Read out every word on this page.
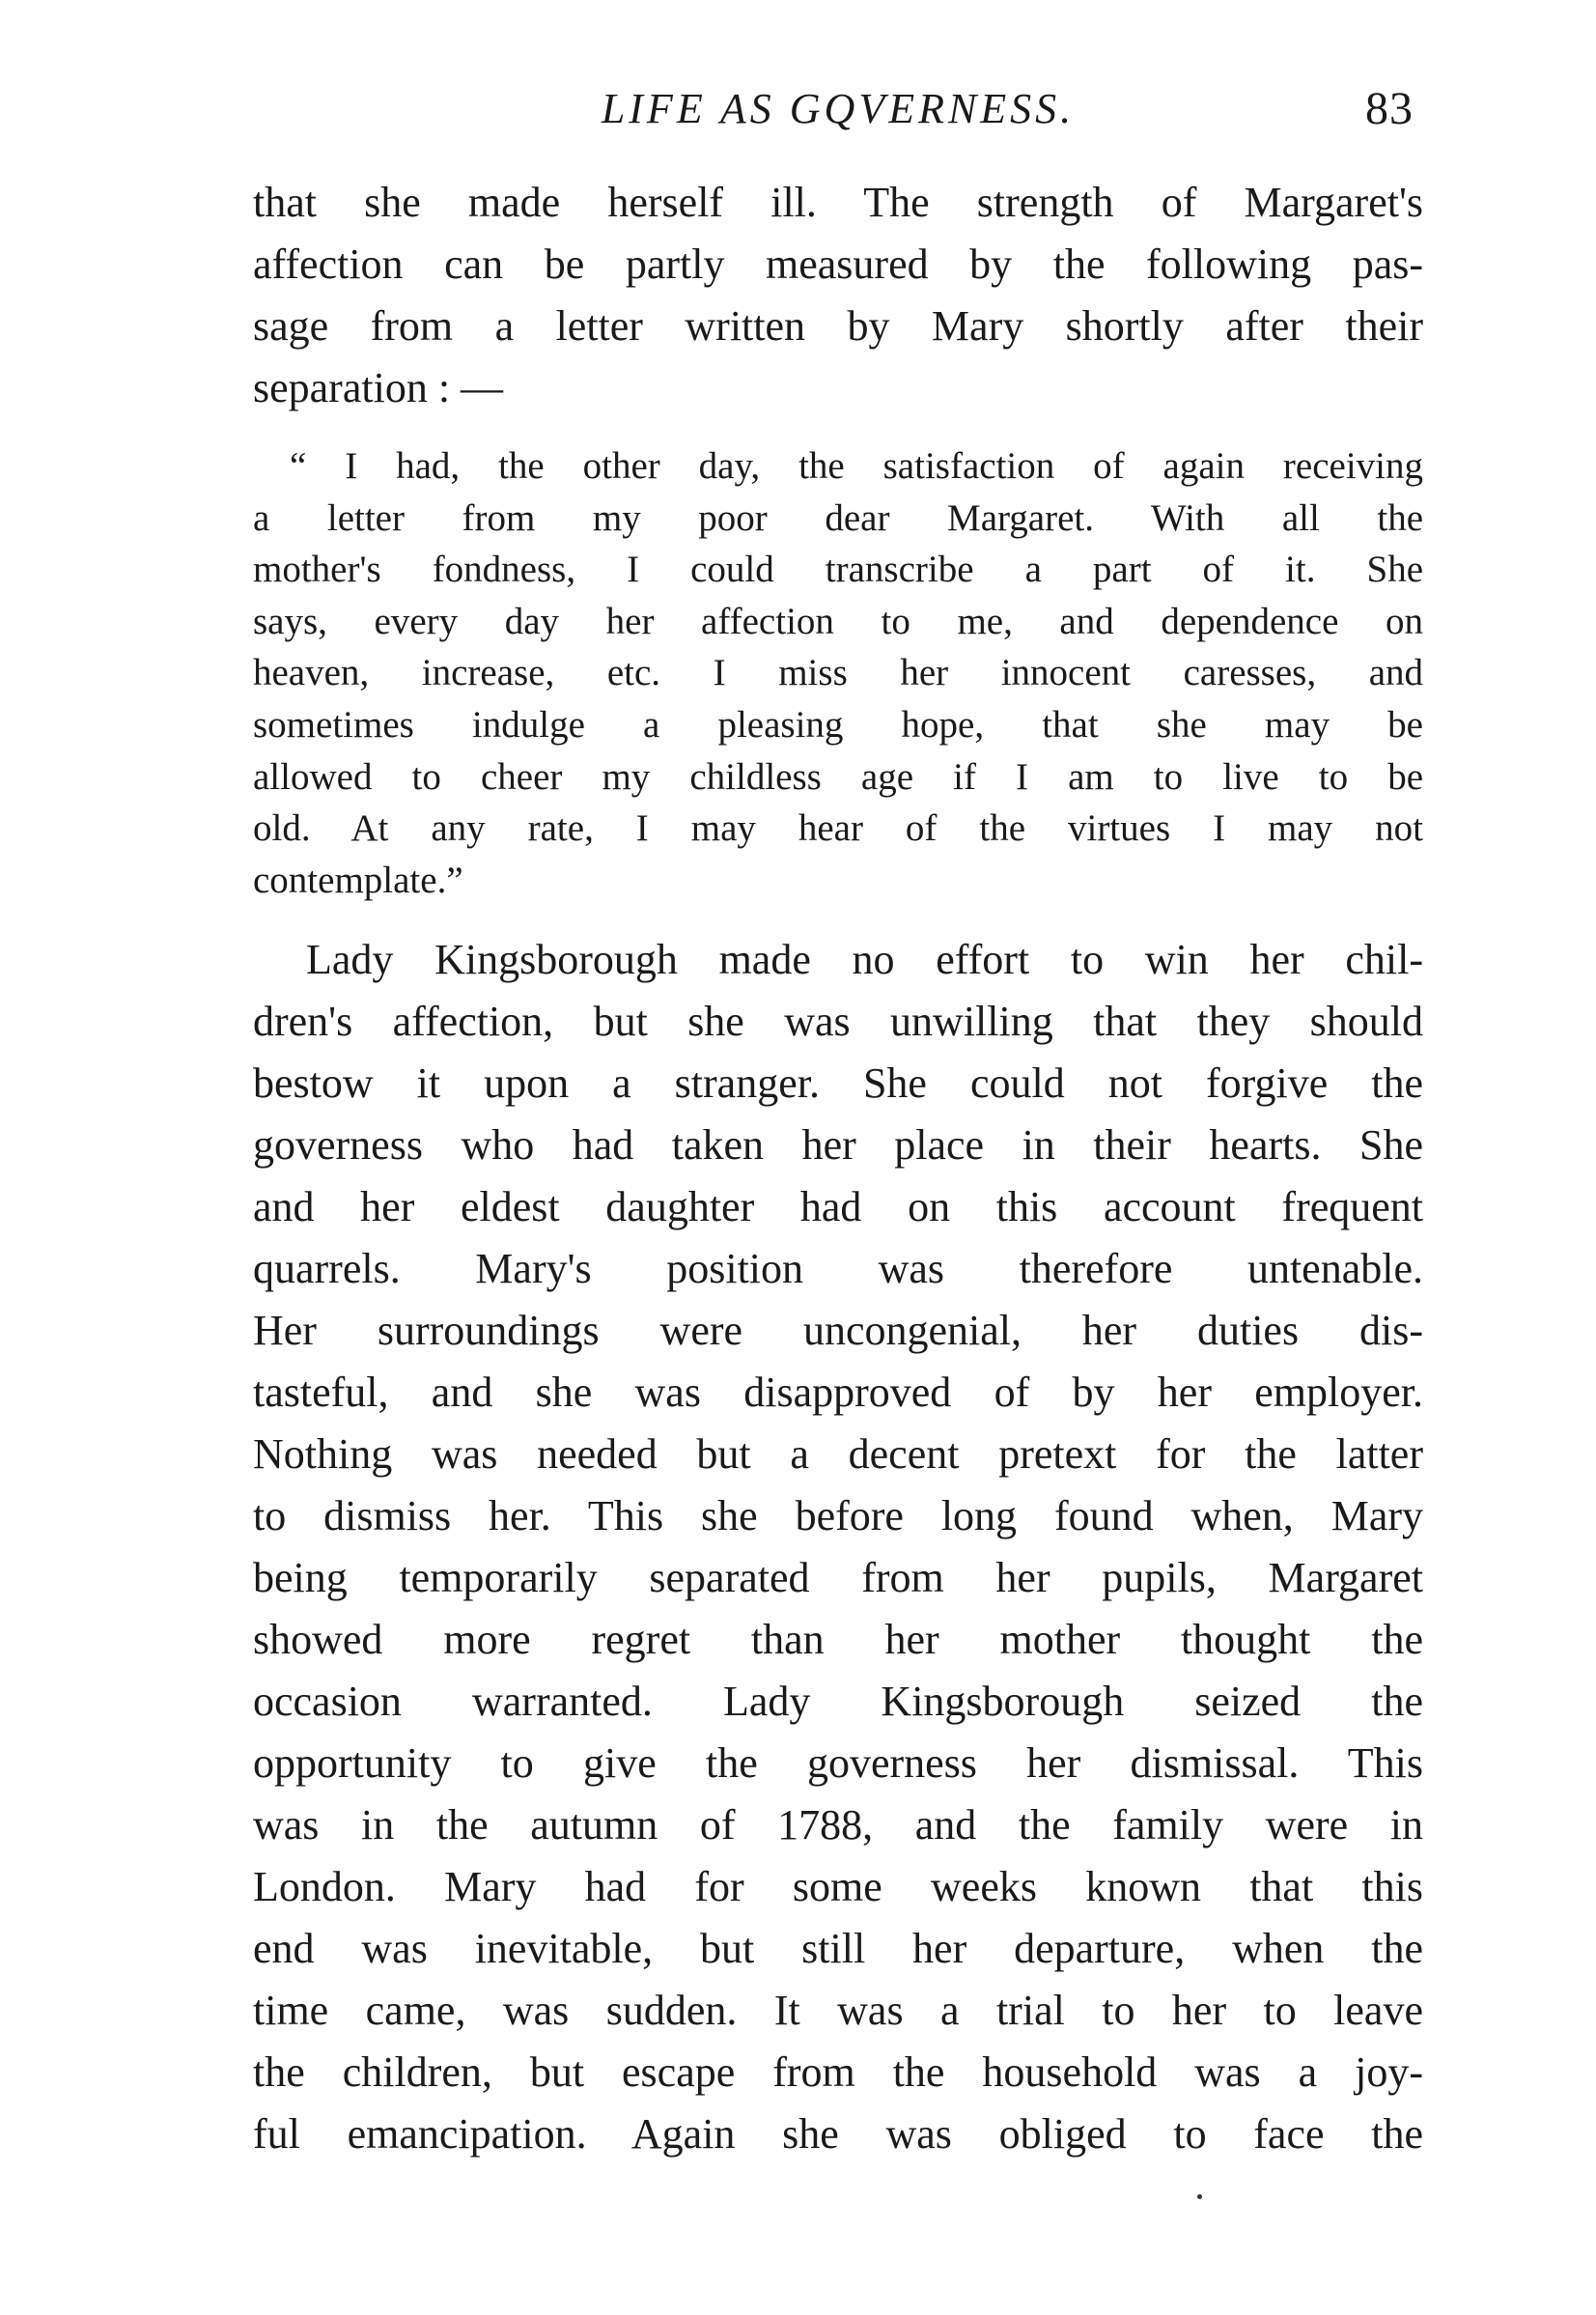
LIFE AS GQVERNESS.	83
that she made herself ill. The strength of Margaret's
affection can be partly measured by the following pas-
sage from a letter written by Mary shortly after their
separation : —
“ I had, the other day, the satisfaction of again receiving
a letter from my poor dear Margaret. With all the
mother's fondness, I could transcribe a part of it. She
says, every day her affection to me, and dependence on
heaven, increase, etc. I miss her innocent caresses, and
sometimes indulge a pleasing hope, that she may be
allowed to cheer my childless age if I am to live to be
old. At any rate, I may hear of the virtues I may not
contemplate.”
Lady Kingsborough made no effort to win her chil-
dren's affection, but she was unwilling that they should
bestow it upon a stranger. She could not forgive the
governess who had taken her place in their hearts. She
and her eldest daughter had on this account frequent
quarrels. Mary's position was therefore untenable.
Her surroundings were uncongenial, her duties dis-
tasteful, and she was disapproved of by her employer.
Nothing was needed but a decent pretext for the latter
to dismiss her. This she before long found when, Mary
being temporarily separated from her pupils, Margaret
showed more regret than her mother thought the
occasion warranted. Lady Kingsborough seized the
opportunity to give the governess her dismissal. This
was in the autumn of 1788, and the family were in
London. Mary had for some weeks known that this
end was inevitable, but still her departure, when the
time came, was sudden. It was a trial to her to leave
the children, but escape from the household was a joy-
ful emancipation. Again she was obliged to face the
